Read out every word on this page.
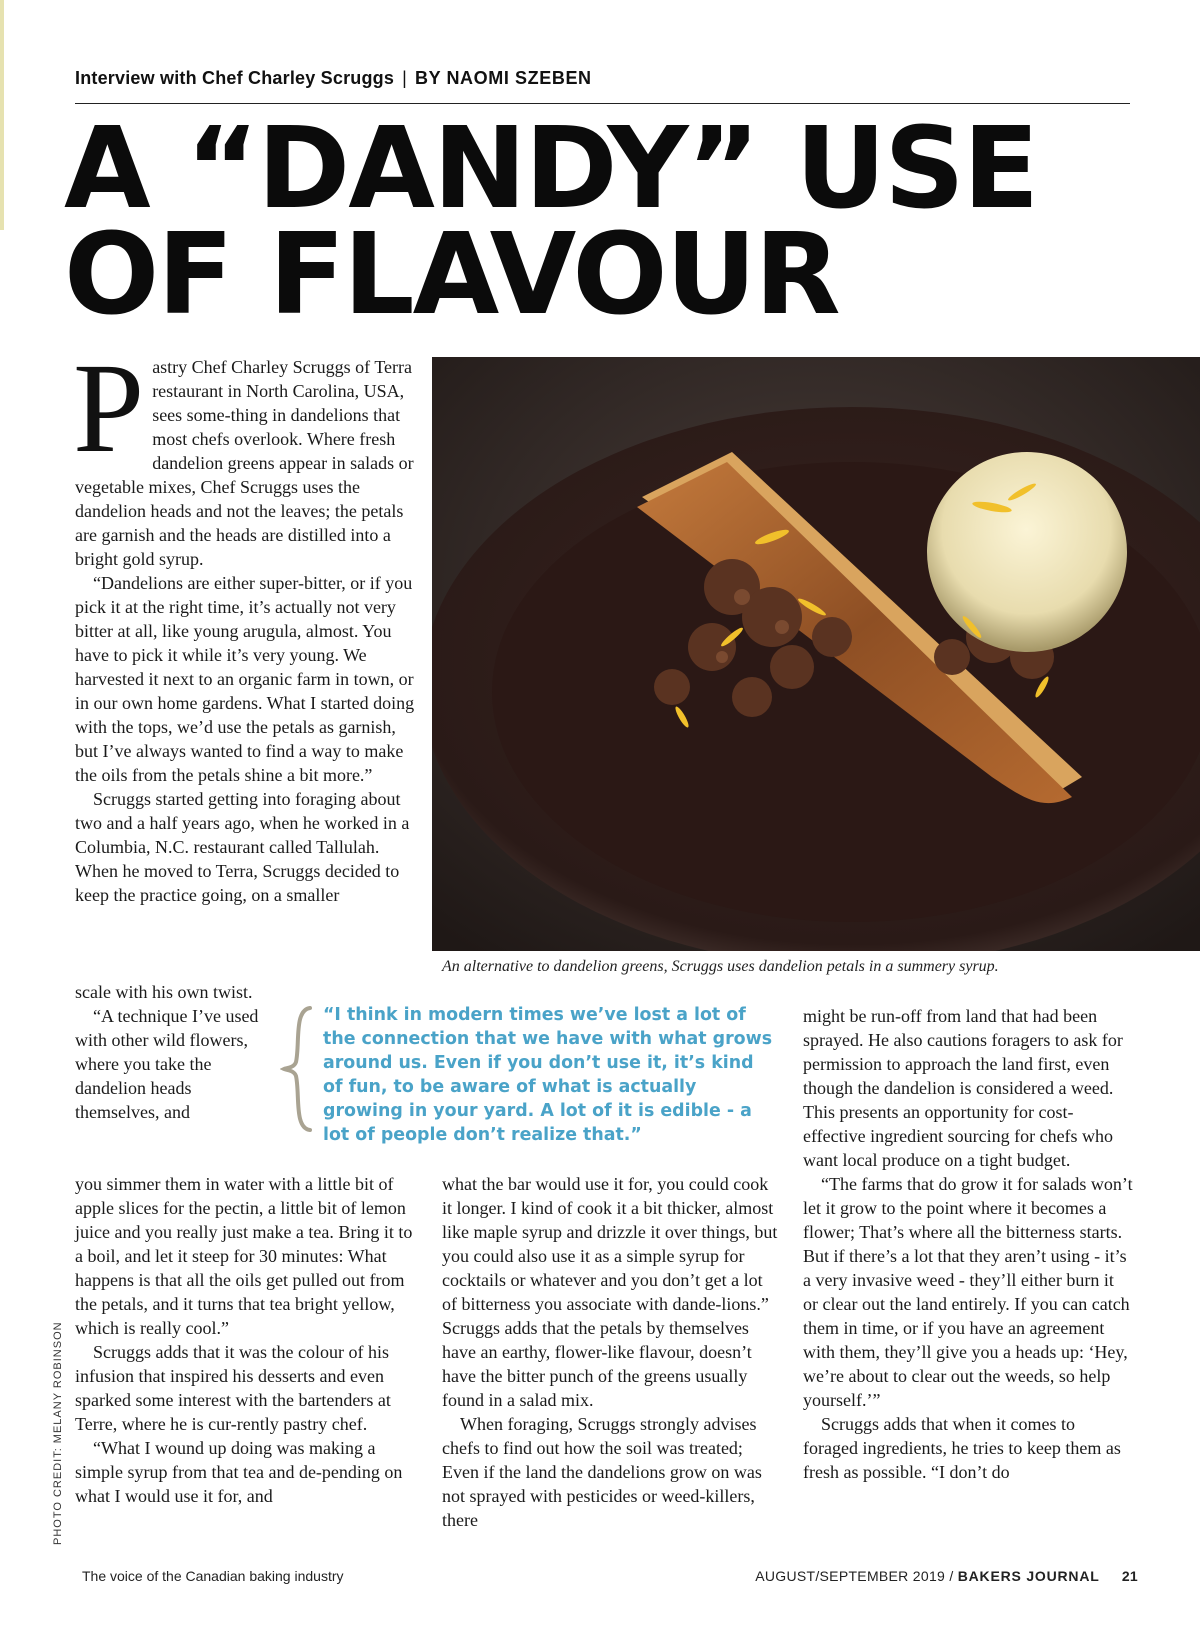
Interview with Chef Charley Scruggs | BY NAOMI SZEBEN
A “DANDY” USE
OF FLAVOUR
P astry Chef Charley Scruggs of Terra restaurant in North Carolina, USA, sees some-thing in dandelions that most chefs overlook. Where fresh dandelion greens appear in salads or vegetable mixes, Chef Scruggs uses the dandelion heads and not the leaves; the petals are garnish and the heads are distilled into a bright gold syrup.

“Dandelions are either super-bitter, or if you pick it at the right time, it’s actually not very bitter at all, like young arugula, almost. You have to pick it while it’s very young. We harvested it next to an organic farm in town, or in our own home gardens. What I started doing with the tops, we’d use the petals as garnish, but I’ve always wanted to find a way to make the oils from the petals shine a bit more.”

Scruggs started getting into foraging about two and a half years ago, when he worked in a Columbia, N.C. restaurant called Tallulah. When he moved to Terra, Scruggs decided to keep the practice going, on a smaller

scale with his own twist.

“A technique I’ve used with other wild flowers, where you take the dandelion heads themselves, and

you simmer them in water with a little bit of apple slices for the pectin, a little bit of lemon juice and you really just make a tea. Bring it to a boil, and let it steep for 30 minutes: What happens is that all the oils get pulled out from the petals, and it turns that tea bright yellow, which is really cool.”

Scruggs adds that it was the colour of his infusion that inspired his desserts and even sparked some interest with the bartenders at Terre, where he is cur-rently pastry chef.

“What I wound up doing was making a simple syrup from that tea and de-pending on what I would use it for, and

what the bar would use it for, you could cook it longer. I kind of cook it a bit thicker, almost like maple syrup and drizzle it over things, but you could also use it as a simple syrup for cocktails or whatever and you don’t get a lot of bitterness you associate with dande-lions.” Scruggs adds that the petals by themselves have an earthy, flower-like flavour, doesn’t have the bitter punch of the greens usually found in a salad mix.

When foraging, Scruggs strongly advises chefs to find out how the soil was treated; Even if the land the dandelions grow on was not sprayed with pesticides or weed-killers, there

might be run-off from land that had been sprayed. He also cautions foragers to ask for permission to approach the land first, even though the dandelion is considered a weed. This presents an opportunity for cost-effective ingredient sourcing for chefs who want local produce on a tight budget.

“The farms that do grow it for salads won’t let it grow to the point where it becomes a flower; That’s where all the bitterness starts. But if there’s a lot that they aren’t using - it’s a very invasive weed - they’ll either burn it or clear out the land entirely. If you can catch them in time, or if you have an agreement with them, they’ll give you a heads up: ‘Hey, we’re about to clear out the weeds, so help yourself.’”

Scruggs adds that when it comes to foraged ingredients, he tries to keep them as fresh as possible. “I don’t do

An alternative to dandelion greens, Scruggs uses dandelion petals in a summery syrup.

“I think in modern times we’ve lost a lot of the connection that we have with what grows around us. Even if you don’t use it, it’s kind of fun, to be aware of what is actually growing in your yard. A lot of it is edible - a lot of people don’t realize that.”

PHOTO CREDIT: MELANY ROBINSON
The voice of the Canadian baking industry	AUGUST/SEPTEMBER 2019 / BAKERS JOURNAL 21
